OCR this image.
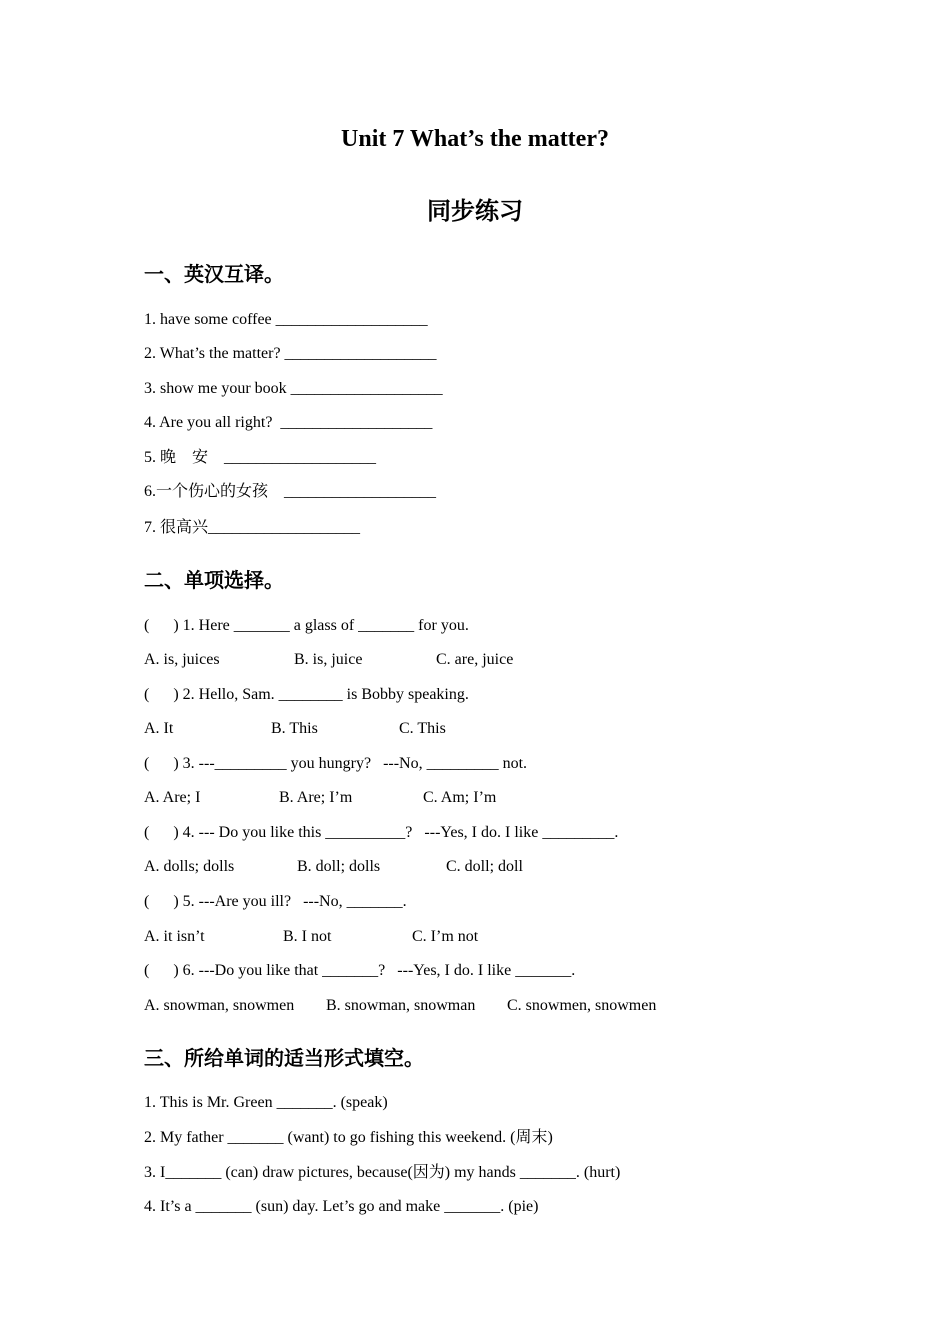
Unit 7 What’s the matter?
同步练习
一、英汉互译。
1. have some coffee ___________________
2. What’s the matter? ___________________
3. show me your book ___________________
4. Are you all right?  ___________________
5. 晚    安    ___________________
6.一个伤心的女孩    ___________________
7. 很高兴___________________
二、单项选择。
(      ) 1. Here _______ a glass of _______ for you.
A. is, juices	B. is, juice	C. are, juice
(      ) 2. Hello, Sam. ________ is Bobby speaking.
A. It	B. This	C. This
(      ) 3. ---_________ you hungry?   ---No, _________ not.
A. Are; I	B. Are; I’m	C. Am; I’m
(      ) 4. --- Do you like this __________?   ---Yes, I do. I like _________.
A. dolls; dolls	B. doll; dolls	C. doll; doll
(      ) 5. ---Are you ill?   ---No, _______.
A. it isn’t	B. I not	C. I’m not
(      ) 6. ---Do you like that _______?   ---Yes, I do. I like _______.
A. snowman, snowmen B. snowman, snowman C. snowmen, snowmen
三、所给单词的适当形式填空。
1. This is Mr. Green _______. (speak)
2. My father _______ (want) to go fishing this weekend. (周末)
3. I_______ (can) draw pictures, because(因为) my hands _______. (hurt)
4. It’s a _______ (sun) day. Let’s go and make _______. (pie)
